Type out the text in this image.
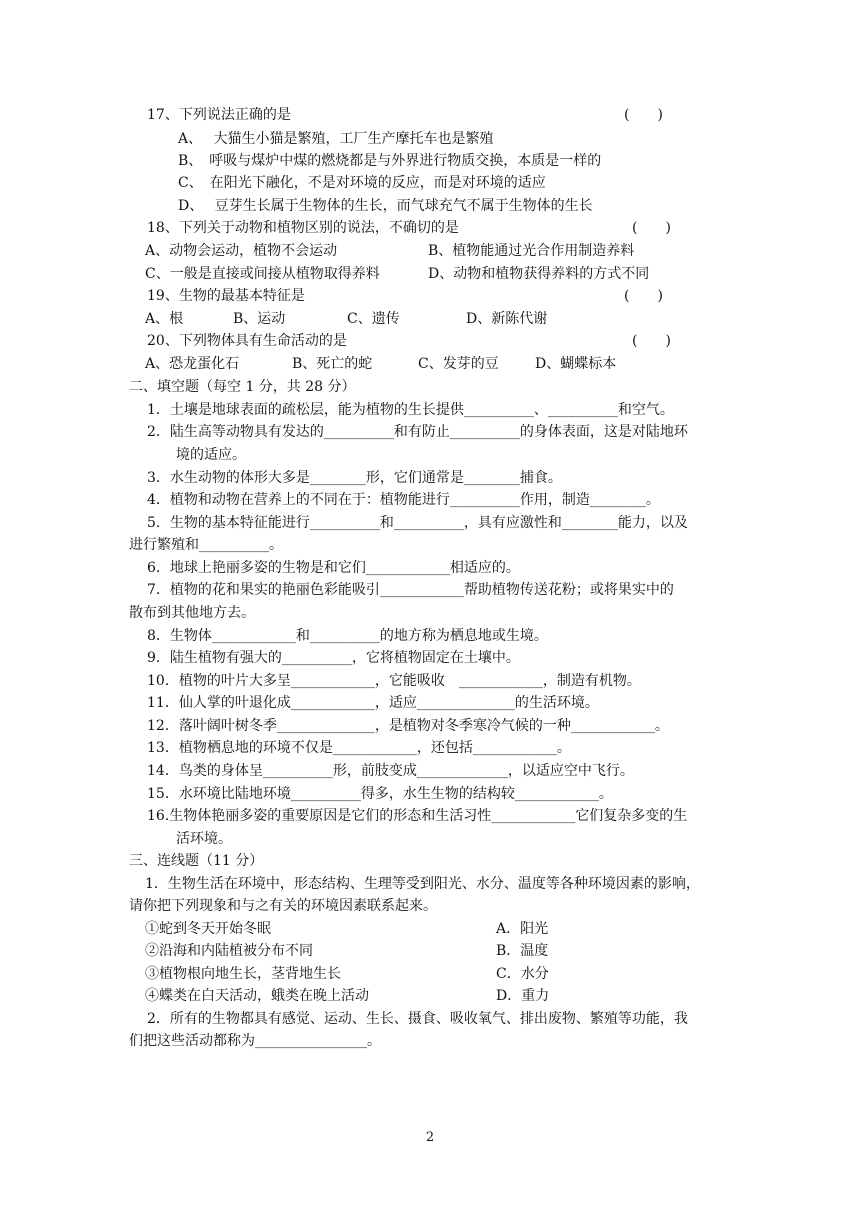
17、下列说法正确的是	(　　)
A、　 大猫生小猫是繁殖，工厂生产摩托车也是繁殖
B、　呼吸与煤炉中煤的燃烧都是与外界进行物质交换，本质是一样的
C、　在阳光下融化，不是对环境的反应，而是对环境的适应
D、　 豆芽生长属于生物体的生长，而气球充气不属于生物体的生长
18、下列关于动物和植物区别的说法，不确切的是	(　　)
A、动物会运动，植物不会运动	B、植物能通过光合作用制造养料
C、一般是直接或间接从植物取得养料	D、动物和植物获得养料的方式不同
19、生物的最基本特征是	(　　)
A、根	B、运动	C、遗传	D、新陈代谢
20、下列物体具有生命活动的是	(　　)
A、恐龙蛋化石	B、死亡的蛇	C、发芽的豆	D、蝴蝶标本
二、填空题（每空 1 分，共 28 分）
1．土壤是地球表面的疏松层，能为植物的生长提供__________、__________和空气。
2．陆生高等动物具有发达的__________和有防止__________的身体表面，这是对陆地环
境的适应。
3．水生动物的体形大多是________形，它们通常是________捕食。
4．植物和动物在营养上的不同在于：植物能进行__________作用，制造________。
5．生物的基本特征能进行__________和__________，具有应激性和________能力，以及
进行繁殖和__________。
6．地球上艳丽多姿的生物是和它们____________相适应的。
7．植物的花和果实的艳丽色彩能吸引____________帮助植物传送花粉；或将果实中的
散布到其他地方去。
8．生物体____________和__________的地方称为栖息地或生境。
9．陆生植物有强大的__________，它将植物固定在土壤中。
10．植物的叶片大多呈____________，它能吸收　____________，制造有机物。
11．仙人掌的叶退化成____________，适应______________的生活环境。
12．落叶阔叶树冬季______________，是植物对冬季寒冷气候的一种____________。
13．植物栖息地的环境不仅是____________，还包括____________。
14．鸟类的身体呈__________形，前肢变成_____________，以适应空中飞行。
15．水环境比陆地环境__________得多，水生生物的结构较____________。
16.生物体艳丽多姿的重要原因是它们的形态和生活习性____________它们复杂多变的生
活环境。
三、连线题（11 分）
1．生物生活在环境中，形态结构、生理等受到阳光、水分、温度等各种环境因素的影响，
请你把下列现象和与之有关的环境因素联系起来。
①蛇到冬天开始冬眠	A．阳光
②沿海和内陆植被分布不同	B．温度
③植物根向地生长，茎背地生长	C．水分
④蝶类在白天活动，蛾类在晚上活动	D．重力
2．所有的生物都具有感觉、运动、生长、摄食、吸收氧气、排出废物、繁殖等功能，我
们把这些活动都称为________________。
2
